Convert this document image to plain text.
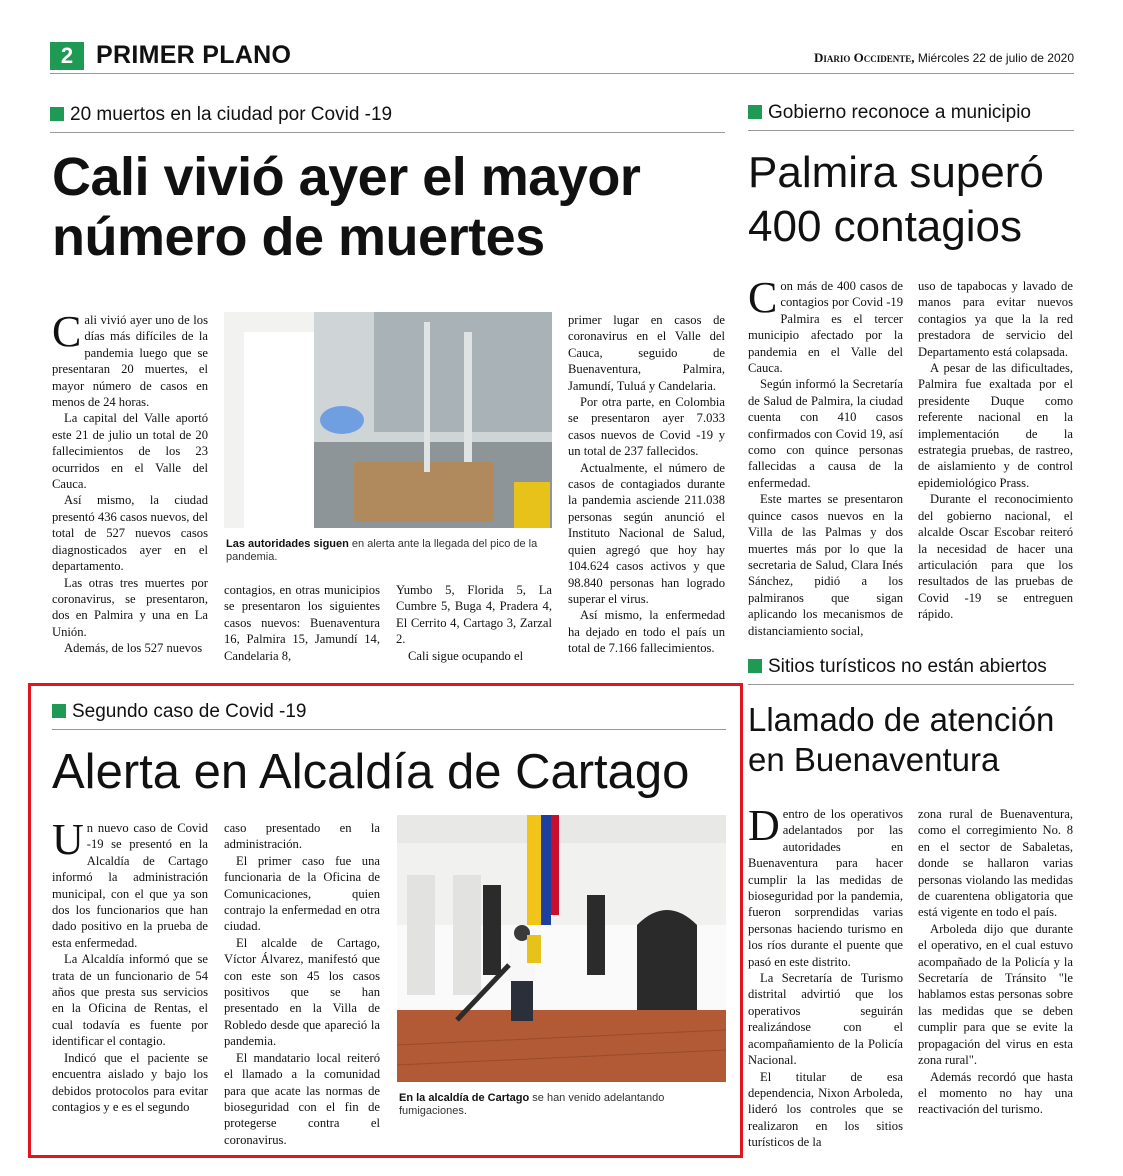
2 PRIMER PLANO	Diario Occidente, Miércoles 22 de julio de 2020
20 muertos en la ciudad por Covid -19
Cali vivió ayer el mayor número de muertes

Cali vivió ayer uno de los días más difíciles de la pandemia luego que se presentaran 20 muertes, el mayor número de casos en menos de 24 horas.

La capital del Valle aportó este 21 de julio un total de 20 fallecimientos de los 23 ocurridos en el Valle del Cauca.

Así mismo, la ciudad presentó 436 casos nuevos, del total de 527 nuevos casos diagnosticados ayer en el departamento.

Las otras tres muertes por coronavirus, se presentaron, dos en Palmira y una en La Unión.

Además, de los 527 nuevos

Las autoridades siguen en alerta ante la llegada del pico de la pandemia.

contagios, en otras municipios se presentaron los siguientes casos nuevos: Buenaventura 16, Palmira 15, Jamundí 14, Candelaria 8,

Yumbo 5, Florida 5, La Cumbre 5, Buga 4, Pradera 4, El Cerrito 4, Cartago 3, Zarzal 2.

Cali sigue ocupando el

primer lugar en casos de coronavirus en el Valle del Cauca, seguido de Buenaventura, Palmira, Jamundí, Tuluá y Candelaria.

Por otra parte, en Colombia se presentaron ayer 7.033 casos nuevos de Covid -19 y un total de 237 fallecidos.

Actualmente, el número de casos de contagiados durante la pandemia asciende 211.038 personas según anunció el Instituto Nacional de Salud, quien agregó que hoy hay 104.624 casos activos y que 98.840 personas han logrado superar el virus.

Así mismo, la enfermedad ha dejado en todo el país un total de 7.166 fallecimientos.

Gobierno reconoce a municipio
Palmira superó 400 contagios

Con más de 400 casos de contagios por Covid -19 Palmira es el tercer municipio afectado por la pandemia en el Valle del Cauca.

Según informó la Secretaría de Salud de Palmira, la ciudad cuenta con 410 casos confirmados con Covid 19, así como con quince personas fallecidas a causa de la enfermedad.

Este martes se presentaron quince casos nuevos en la Villa de las Palmas y dos muertes más por lo que la secretaria de Salud, Clara Inés Sánchez, pidió a los palmiranos que sigan aplicando los mecanismos de distanciamiento social,

uso de tapabocas y lavado de manos para evitar nuevos contagios ya que la la red prestadora de servicio del Departamento está colapsada.

A pesar de las dificultades, Palmira fue exaltada por el presidente Duque como referente nacional en la implementación de la estrategia pruebas, de rastreo, de aislamiento y de control epidemiológico Prass.

Durante el reconocimiento del gobierno nacional, el alcalde Oscar Escobar reiteró la necesidad de hacer una articulación para que los resultados de las pruebas de Covid -19 se entreguen rápido.

Sitios turísticos no están abiertos
Llamado de atención en Buenaventura

Dentro de los operativos adelantados por las autoridades en Buenaventura para hacer cumplir la las medidas de bioseguridad por la pandemia, fueron sorprendidas varias personas haciendo turismo en los ríos durante el puente que pasó en este distrito.

La Secretaría de Turismo distrital advirtió que los operativos seguirán realizándose con el acompañamiento de la Policía Nacional.

El titular de esa dependencia, Nixon Arboleda, lideró los controles que se realizaron en los sitios turísticos de la

zona rural de Buenaventura, como el corregimiento No. 8 en el sector de Sabaletas, donde se hallaron varias personas violando las medidas de cuarentena obligatoria que está vigente en todo el país.

Arboleda dijo que durante el operativo, en el cual estuvo acompañado de la Policía y la Secretaría de Tránsito "le hablamos estas personas sobre las medidas que se deben cumplir para que se evite la propagación del virus en esta zona rural".

Además recordó que hasta el momento no hay una reactivación del turismo.

Segundo caso de Covid -19
Alerta en Alcaldía de Cartago

Un nuevo caso de Covid -19 se presentó en la Alcaldía de Cartago informó la administración municipal, con el que ya son dos los funcionarios que han dado positivo en la prueba de esta enfermedad.

La Alcaldía informó que se trata de un funcionario de 54 años que presta sus servicios en la Oficina de Rentas, el cual todavía es fuente por identificar el contagio.

Indicó que el paciente se encuentra aislado y bajo los debidos protocolos para evitar contagios y e es el segundo

caso presentado en la administración.

El primer caso fue una funcionaria de la Oficina de Comunicaciones, quien contrajo la enfermedad en otra ciudad.

El alcalde de Cartago, Víctor Álvarez, manifestó que con este son 45 los casos positivos que se han presentado en la Villa de Robledo desde que apareció la pandemia.

El mandatario local reiteró el llamado a la comunidad para que acate las normas de bioseguridad con el fin de protegerse contra el coronavirus.

En la alcaldía de Cartago se han venido adelantando fumigaciones.
